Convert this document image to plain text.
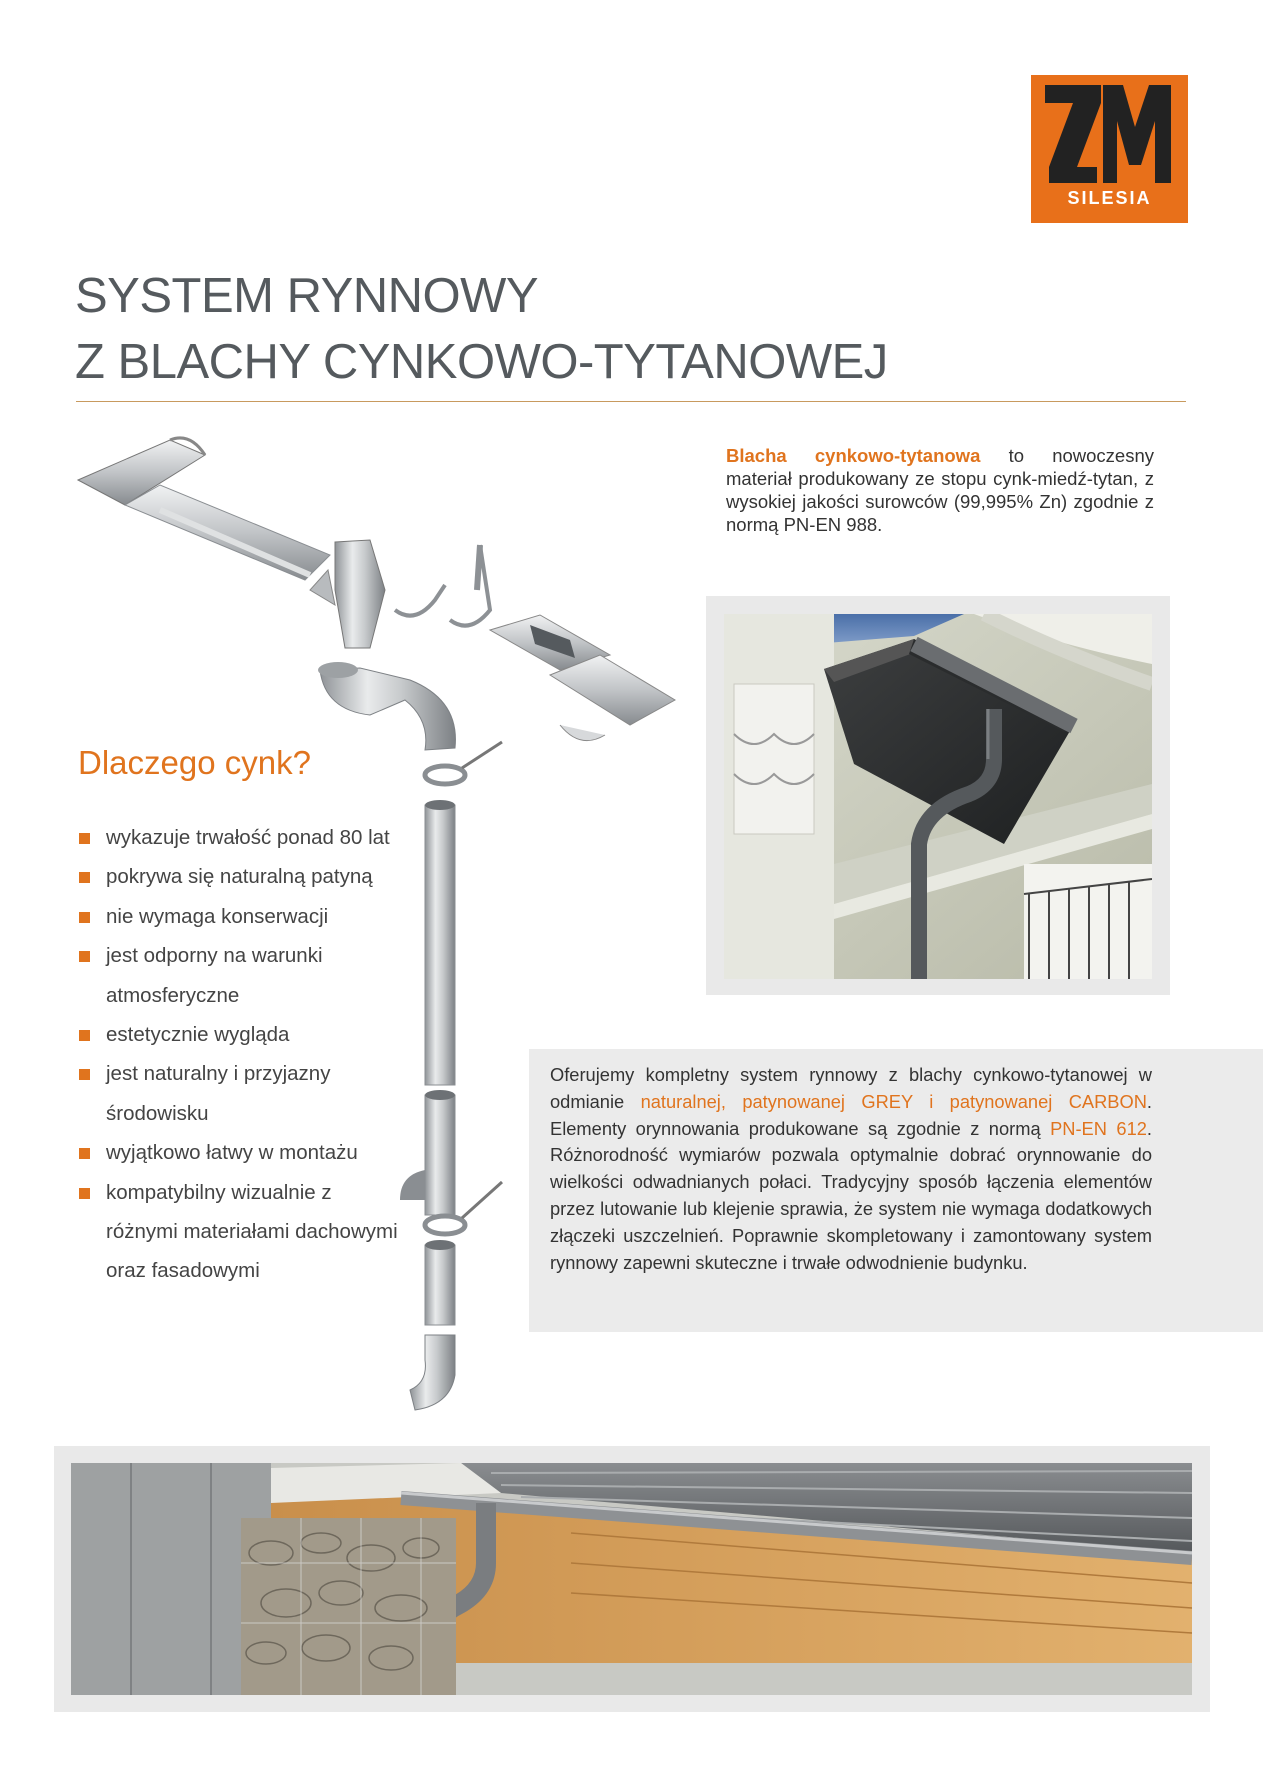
SILESIA
SYSTEM RYNNOWY
Z BLACHY CYNKOWO-TYTANOWEJ

Blacha cynkowo-tytanowa to nowoczesny materiał produkowany ze stopu cynk-miedź-tytan, z wysokiej jakości surowców (99,995% Zn) zgodnie z normą PN-EN 988.

Dlaczego cynk?
wykazuje trwałość ponad 80 lat
pokrywa się naturalną patyną
nie wymaga konserwacji
jest odporny na warunki atmosferyczne
estetycznie wygląda
jest naturalny i przyjazny środowisku
wyjątkowo łatwy w montażu
kompatybilny wizualnie z różnymi materiałami dachowymi oraz fasadowymi

Oferujemy kompletny system rynnowy z blachy cynkowo-tytanowej w odmianie naturalnej, patynowanej GREY i patynowanej CARBON. Elementy orynnowania produkowane są zgodnie z normą PN-EN 612. Różnorodność wymiarów pozwala optymalnie dobrać orynnowanie do wielkości odwadnianych połaci. Tradycyjny sposób łączenia elementów przez lutowanie lub klejenie sprawia, że system nie wymaga dodatkowych złączeki uszczelnień. Poprawnie skompletowany i zamontowany system rynnowy zapewni skuteczne i trwałe odwodnienie budynku.
